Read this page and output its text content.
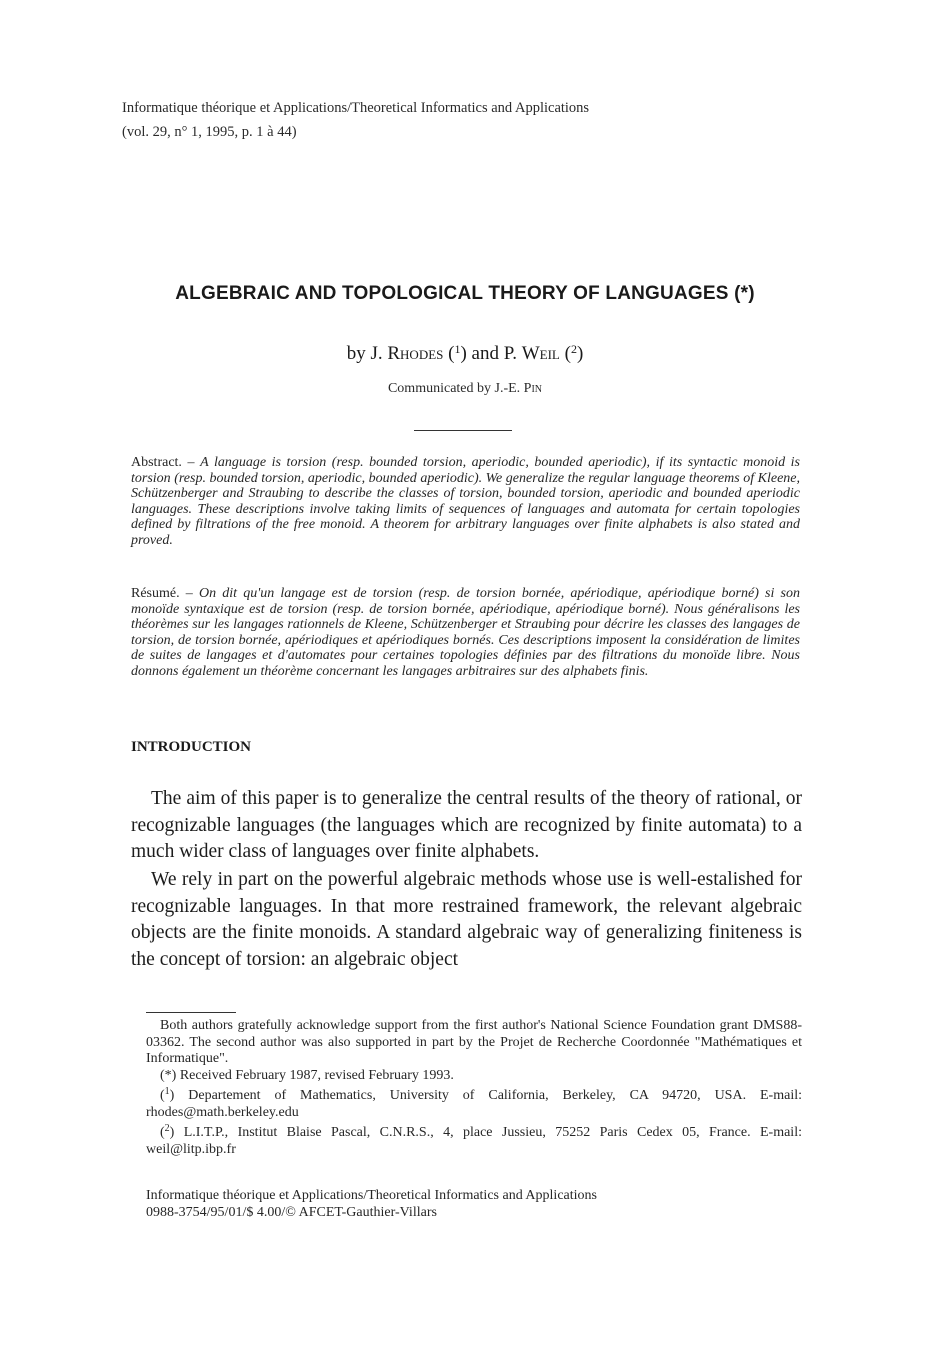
Informatique théorique et Applications/Theoretical Informatics and Applications
(vol. 29, n° 1, 1995, p. 1 à 44)
ALGEBRAIC AND TOPOLOGICAL THEORY OF LANGUAGES (*)
by J. Rhodes ($^1$) and P. Weil ($^2$)
Communicated by J.-E. Pin
Abstract. – A language is torsion (resp. bounded torsion, aperiodic, bounded aperiodic), if its syntactic monoid is torsion (resp. bounded torsion, aperiodic, bounded aperiodic). We generalize the regular language theorems of Kleene, Schützenberger and Straubing to describe the classes of torsion, bounded torsion, aperiodic and bounded aperiodic languages. These descriptions involve taking limits of sequences of languages and automata for certain topologies defined by filtrations of the free monoid. A theorem for arbitrary languages over finite alphabets is also stated and proved.
Résumé. – On dit qu'un langage est de torsion (resp. de torsion bornée, apériodique, apériodique borné) si son monoïde syntaxique est de torsion (resp. de torsion bornée, apériodique, apériodique borné). Nous généralisons les théorèmes sur les langages rationnels de Kleene, Schützenberger et Straubing pour décrire les classes des langages de torsion, de torsion bornée, apériodiques et apériodiques bornés. Ces descriptions imposent la considération de limites de suites de langages et d'automates pour certaines topologies définies par des filtrations du monoïde libre. Nous donnons également un théorème concernant les langages arbitraires sur des alphabets finis.
INTRODUCTION
The aim of this paper is to generalize the central results of the theory of rational, or recognizable languages (the languages which are recognized by finite automata) to a much wider class of languages over finite alphabets.
We rely in part on the powerful algebraic methods whose use is well-estalished for recognizable languages. In that more restrained framework, the relevant algebraic objects are the finite monoids. A standard algebraic way of generalizing finiteness is the concept of torsion: an algebraic object

Both authors gratefully acknowledge support from the first author's National Science Foundation grant DMS88-03362. The second author was also supported in part by the Projet de Recherche Coordonnée "Mathématiques et Informatique".

(*) Received February 1987, revised February 1993.

($^1$) Departement of Mathematics, University of California, Berkeley, CA 94720, USA. E-mail: rhodes@math.berkeley.edu

($^2$) L.I.T.P., Institut Blaise Pascal, C.N.R.S., 4, place Jussieu, 75252 Paris Cedex 05, France. E-mail: weil@litp.ibp.fr

Informatique théorique et Applications/Theoretical Informatics and Applications
0988-3754/95/01/$ 4.00/© AFCET-Gauthier-Villars
